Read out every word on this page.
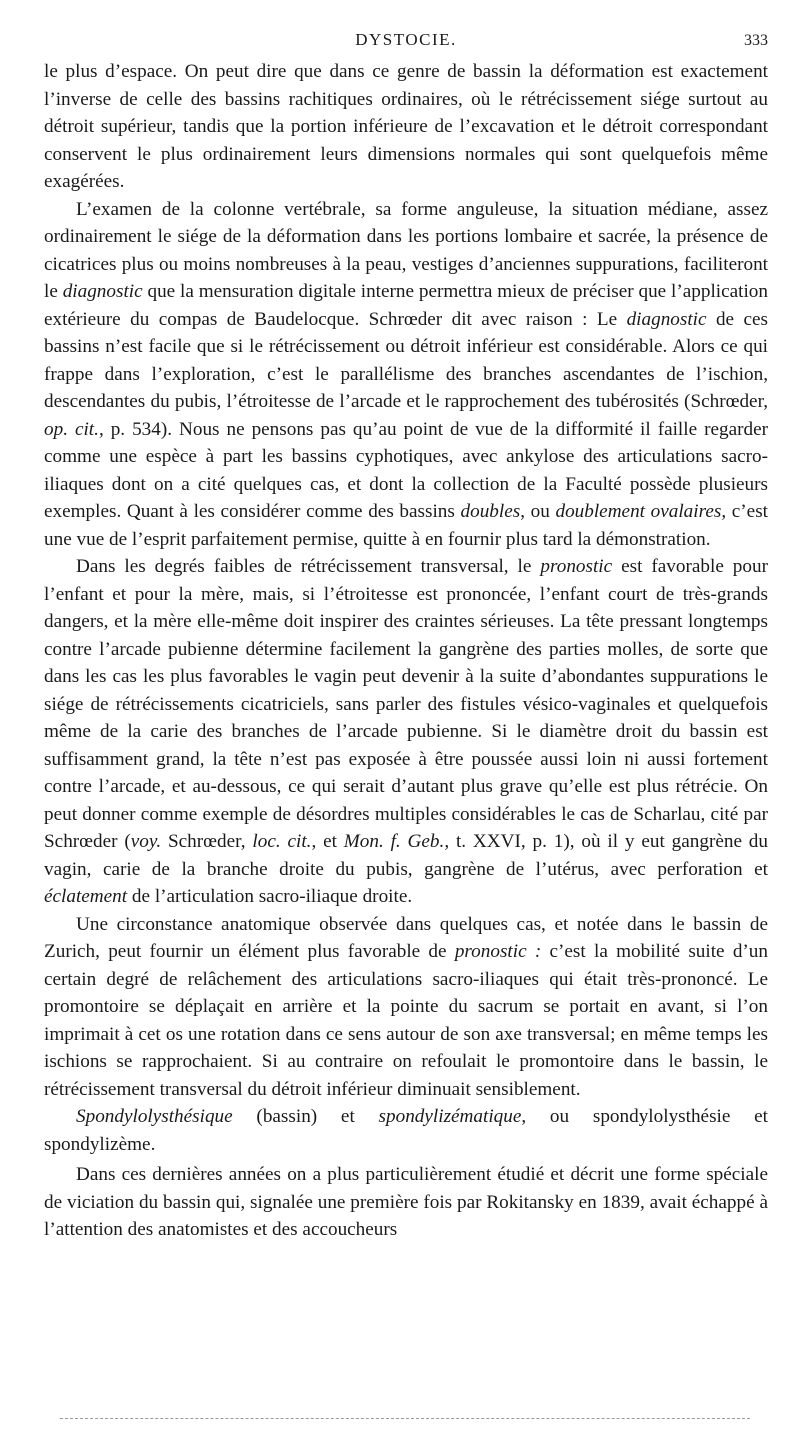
DYSTOCIE.	333

le plus d’espace. On peut dire que dans ce genre de bassin la déformation est exactement l’inverse de celle des bassins rachitiques ordinaires, où le rétrécissement siége surtout au détroit supérieur, tandis que la portion inférieure de l’excavation et le détroit correspondant conservent le plus ordinairement leurs dimensions normales qui sont quelquefois même exagérées.

L’examen de la colonne vertébrale, sa forme anguleuse, la situation médiane, assez ordinairement le siége de la déformation dans les portions lombaire et sacrée, la présence de cicatrices plus ou moins nombreuses à la peau, vestiges d’anciennes suppurations, faciliteront le diagnostic que la mensuration digitale interne permettra mieux de préciser que l’application extérieure du compas de Baudelocque. Schrœder dit avec raison : Le diagnostic de ces bassins n’est facile que si le rétrécissement ou détroit inférieur est considérable. Alors ce qui frappe dans l’exploration, c’est le parallélisme des branches ascendantes de l’ischion, descendantes du pubis, l’étroitesse de l’arcade et le rapprochement des tubérosités (Schrœder, op. cit., p. 534). Nous ne pensons pas qu’au point de vue de la difformité il faille regarder comme une espèce à part les bassins cyphotiques, avec ankylose des articulations sacro-iliaques dont on a cité quelques cas, et dont la collection de la Faculté possède plusieurs exemples. Quant à les considérer comme des bassins doubles, ou doublement ovalaires, c’est une vue de l’esprit parfaitement permise, quitte à en fournir plus tard la démonstration.

Dans les degrés faibles de rétrécissement transversal, le pronostic est favorable pour l’enfant et pour la mère, mais, si l’étroitesse est prononcée, l’enfant court de très-grands dangers, et la mère elle-même doit inspirer des craintes sérieuses. La tête pressant longtemps contre l’arcade pubienne détermine facilement la gangrène des parties molles, de sorte que dans les cas les plus favorables le vagin peut devenir à la suite d’abondantes suppurations le siége de rétrécissements cicatriciels, sans parler des fistules vésico-vaginales et quelquefois même de la carie des branches de l’arcade pubienne. Si le diamètre droit du bassin est suffisamment grand, la tête n’est pas exposée à être poussée aussi loin ni aussi fortement contre l’arcade, et au-dessous, ce qui serait d’autant plus grave qu’elle est plus rétrécie. On peut donner comme exemple de désordres multiples considérables le cas de Scharlau, cité par Schrœder (voy. Schrœder, loc. cit., et Mon. f. Geb., t. XXVI, p. 1), où il y eut gangrène du vagin, carie de la branche droite du pubis, gangrène de l’utérus, avec perforation et éclatement de l’articulation sacro-iliaque droite.

Une circonstance anatomique observée dans quelques cas, et notée dans le bassin de Zurich, peut fournir un élément plus favorable de pronostic : c’est la mobilité suite d’un certain degré de relâchement des articulations sacro-iliaques qui était très-prononcé. Le promontoire se déplaçait en arrière et la pointe du sacrum se portait en avant, si l’on imprimait à cet os une rotation dans ce sens autour de son axe transversal; en même temps les ischions se rapprochaient. Si au contraire on refoulait le promontoire dans le bassin, le rétrécissement transversal du détroit inférieur diminuait sensiblement.

Spondylolysthésique (bassin) et spondylizématique, ou spondylolysthésie et spondylizème.

Dans ces dernières années on a plus particulièrement étudié et décrit une forme spéciale de viciation du bassin qui, signalée une première fois par Rokitansky en 1839, avait échappé à l’attention des anatomistes et des accoucheurs
